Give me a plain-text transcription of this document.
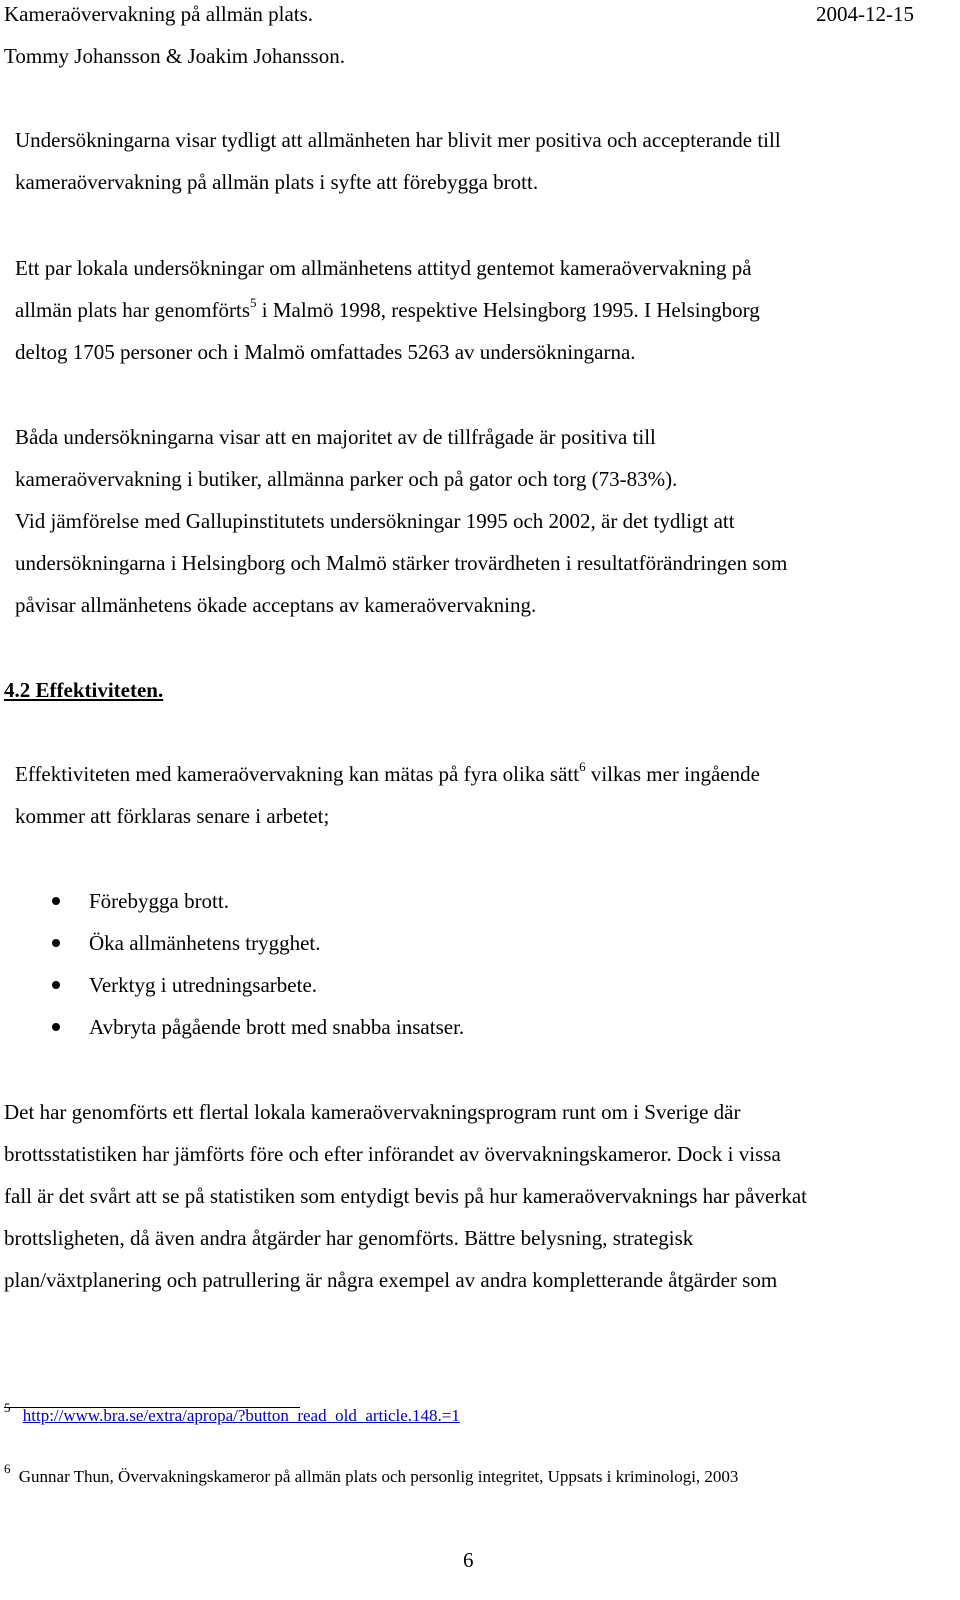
Kameraövervakning på allmän plats.	2004-12-15
Tommy Johansson & Joakim Johansson.
Undersökningarna visar tydligt att allmänheten har blivit mer positiva och accepterande till
kameraövervakning på allmän plats i syfte att förebygga brott.
Ett par lokala undersökningar om allmänhetens attityd gentemot kameraövervakning på
allmän plats har genomförts$^5$ i Malmö 1998, respektive Helsingborg 1995. I Helsingborg
deltog 1705 personer och i Malmö omfattades 5263 av undersökningarna.
Båda undersökningarna visar att en majoritet av de tillfrågade är positiva till
kameraövervakning i butiker, allmänna parker och på gator och torg (73-83%).
Vid jämförelse med Gallupinstitutets undersökningar 1995 och 2002, är det tydligt att
undersökningarna i Helsingborg och Malmö stärker trovärdheten i resultatförändringen som
påvisar allmänhetens ökade acceptans av kameraövervakning.
4.2 Effektiviteten.
Effektiviteten med kameraövervakning kan mätas på fyra olika sätt$^6$ vilkas mer ingående
kommer att förklaras senare i arbetet;
Förebygga brott.
Öka allmänhetens trygghet.
Verktyg i utredningsarbete.
Avbryta pågående brott med snabba insatser.
Det har genomförts ett flertal lokala kameraövervakningsprogram runt om i Sverige där
brottsstatistiken har jämförts före och efter införandet av övervakningskameror. Dock i vissa
fall är det svårt att se på statistiken som entydigt bevis på hur kameraövervaknings har påverkat
brottsligheten, då även andra åtgärder har genomförts. Bättre belysning, strategisk
plan/växtplanering och patrullering är några exempel av andra kompletterande åtgärder som
$^5$ http://www.bra.se/extra/apropa/?button_read_old_article.148.=1
$^6$ Gunnar Thun, Övervakningskameror på allmän plats och personlig integritet, Uppsats i kriminologi, 2003
6
